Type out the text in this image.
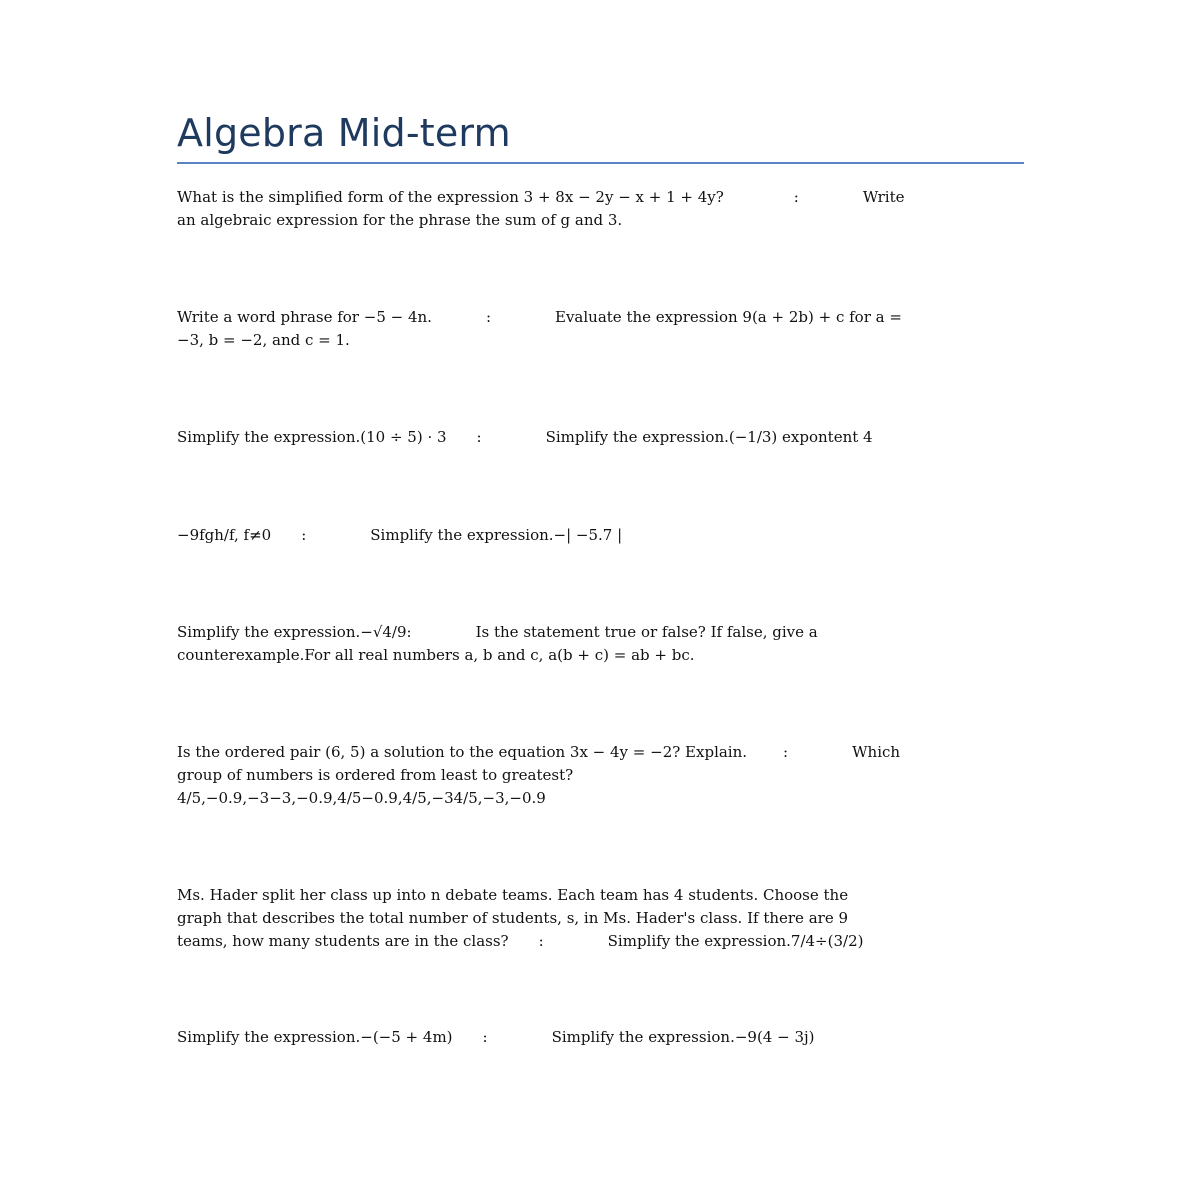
Algebra Mid-term
What is the simplified form of the expression 3 + 8x − 2y − x + 1 + 4y?	:	Write
an algebraic expression for the phrase the sum of g and 3.
Write a word phrase for −5 − 4n.	:	Evaluate the expression 9(a + 2b) + c for a =
−3, b = −2, and c = 1.
Simplify the expression.(10 ÷ 5) · 3 :	Simplify the expression.(−1/3) expontent 4
−9fgh/f, f≠0 :	Simplify the expression.−| −5.7 |
Simplify the expression.−√4/9:	Is the statement true or false? If false, give a
counterexample.For all real numbers a, b and c, a(b + c) = ab + bc.
Is the ordered pair (6, 5) a solution to the equation 3x − 4y = −2? Explain. :	Which
group of numbers is ordered from least to greatest?
4/5,−0.9,−3−3,−0.9,4/5−0.9,4/5,−34/5,−3,−0.9
Ms. Hader split her class up into n debate teams. Each team has 4 students. Choose the
graph that describes the total number of students, s, in Ms. Hader's class. If there are 9
teams, how many students are in the class? :	Simplify the expression.7/4÷(3/2)
Simplify the expression.−(−5 + 4m) :	Simplify the expression.−9(4 − 3j)
